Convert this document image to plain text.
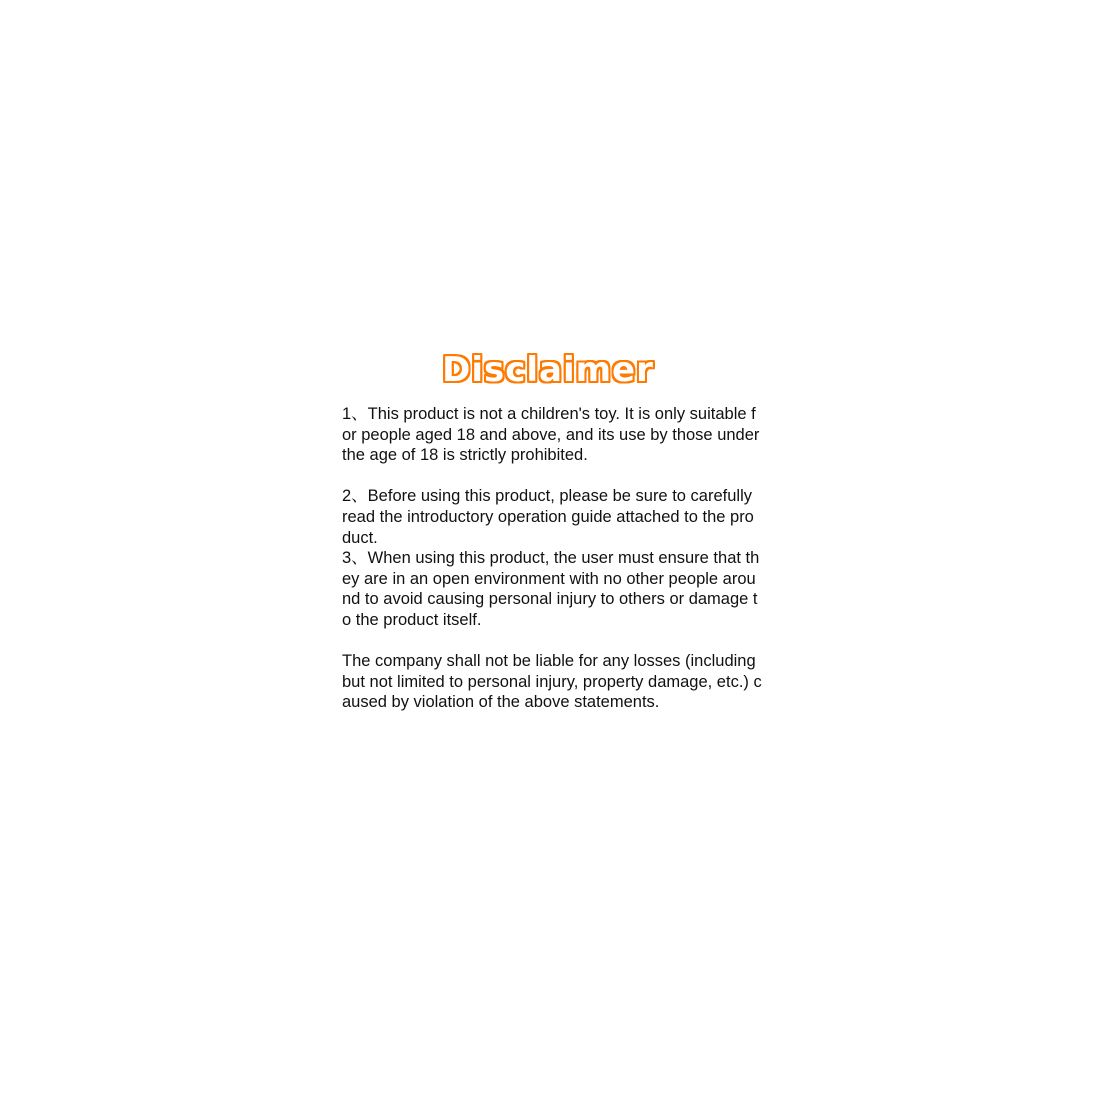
Disclaimer

1、This product is not a children's toy. It is only suitable for people aged 18 and above, and its use by those under the age of 18 is strictly prohibited.

2、Before using this product, please be sure to carefully read the introductory operation guide attached to the product.

3、When using this product, the user must ensure that they are in an open environment with no other people around to avoid causing personal injury to others or damage to the product itself.

The company shall not be liable for any losses (including but not limited to personal injury, property damage, etc.) caused by violation of the above statements.
